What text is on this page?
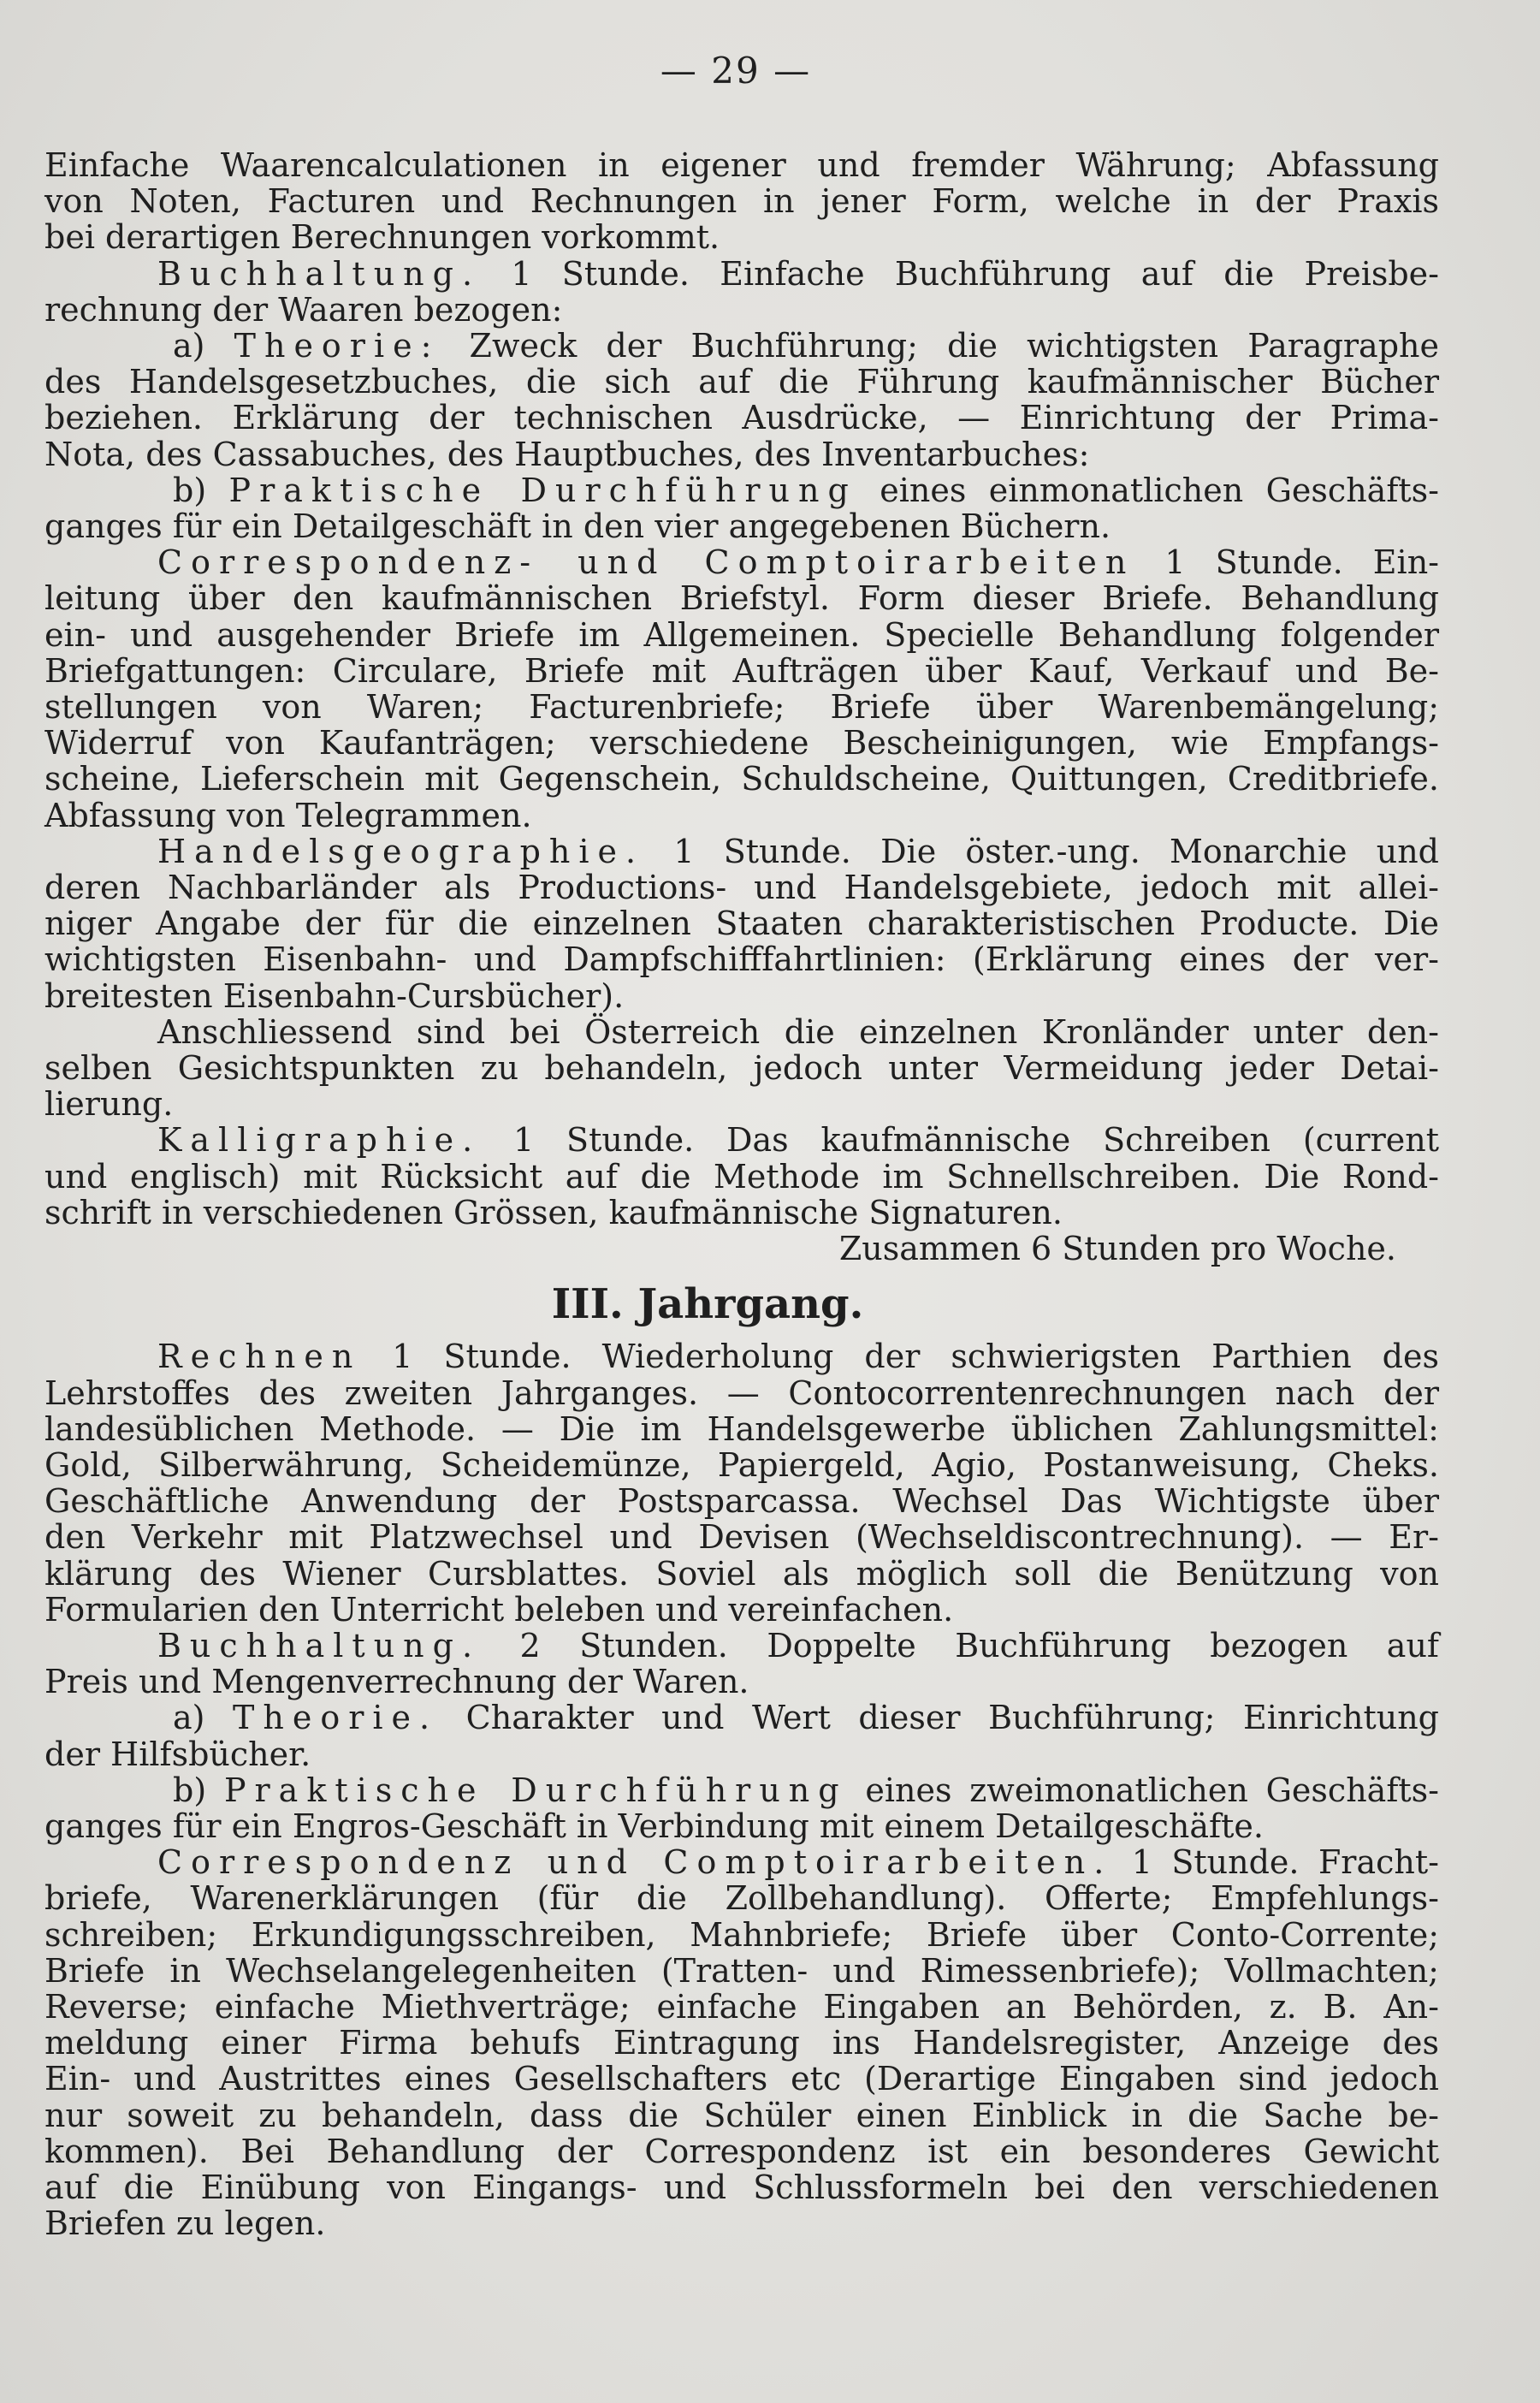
— 29 —
Einfache Waarencalculationen in eigener und fremder Währung; Abfassung
von Noten, Facturen und Rechnungen in jener Form, welche in der Praxis
bei derartigen Berechnungen vorkommt.
Buchhaltung. 1 Stunde. Einfache Buchführung auf die Preisbe-
rechnung der Waaren bezogen:
a) Theorie: Zweck der Buchführung; die wichtigsten Paragraphe
des Handelsgesetzbuches, die sich auf die Führung kaufmännischer Bücher
beziehen. Erklärung der technischen Ausdrücke, — Einrichtung der Prima-
Nota, des Cassabuches, des Hauptbuches, des Inventarbuches:
b) Praktische Durchführung eines einmonatlichen Geschäfts-
ganges für ein Detailgeschäft in den vier angegebenen Büchern.
Correspondenz- und Comptoirarbeiten 1 Stunde. Ein-
leitung über den kaufmännischen Briefstyl. Form dieser Briefe. Behandlung
ein- und ausgehender Briefe im Allgemeinen. Specielle Behandlung folgender
Briefgattungen: Circulare, Briefe mit Aufträgen über Kauf, Verkauf und Be-
stellungen von Waren; Facturenbriefe; Briefe über Warenbemängelung;
Widerruf von Kaufanträgen; verschiedene Bescheinigungen, wie Empfangs-
scheine, Lieferschein mit Gegenschein, Schuldscheine, Quittungen, Creditbriefe.
Abfassung von Telegrammen.
Handelsgeographie. 1 Stunde. Die öster.-ung. Monarchie und
deren Nachbarländer als Productions- und Handelsgebiete, jedoch mit allei-
niger Angabe der für die einzelnen Staaten charakteristischen Producte. Die
wichtigsten Eisenbahn- und Dampfschifffahrtlinien: (Erklärung eines der ver-
breitesten Eisenbahn-Cursbücher).
Anschliessend sind bei Österreich die einzelnen Kronländer unter den-
selben Gesichtspunkten zu behandeln, jedoch unter Vermeidung jeder Detai-
lierung.
Kalligraphie. 1 Stunde. Das kaufmännische Schreiben (current
und englisch) mit Rücksicht auf die Methode im Schnellschreiben. Die Rond-
schrift in verschiedenen Grössen, kaufmännische Signaturen.
Zusammen 6 Stunden pro Woche.
III. Jahrgang.
Rechnen 1 Stunde. Wiederholung der schwierigsten Parthien des
Lehrstoffes des zweiten Jahrganges. — Contocorrentenrechnungen nach der
landesüblichen Methode. — Die im Handelsgewerbe üblichen Zahlungsmittel:
Gold, Silberwährung, Scheidemünze, Papiergeld, Agio, Postanweisung, Cheks.
Geschäftliche Anwendung der Postsparcassa. Wechsel Das Wichtigste über
den Verkehr mit Platzwechsel und Devisen (Wechseldiscontrechnung). — Er-
klärung des Wiener Cursblattes. Soviel als möglich soll die Benützung von
Formularien den Unterricht beleben und vereinfachen.
Buchhaltung. 2 Stunden. Doppelte Buchführung bezogen auf
Preis und Mengenverrechnung der Waren.
a) Theorie. Charakter und Wert dieser Buchführung; Einrichtung
der Hilfsbücher.
b) Praktische Durchführung eines zweimonatlichen Geschäfts-
ganges für ein Engros-Geschäft in Verbindung mit einem Detailgeschäfte.
Correspondenz und Comptoirarbeiten. 1 Stunde. Fracht-
briefe, Warenerklärungen (für die Zollbehandlung). Offerte; Empfehlungs-
schreiben; Erkundigungsschreiben, Mahnbriefe; Briefe über Conto-Corrente;
Briefe in Wechselangelegenheiten (Tratten- und Rimessenbriefe); Vollmachten;
Reverse; einfache Miethverträge; einfache Eingaben an Behörden, z. B. An-
meldung einer Firma behufs Eintragung ins Handelsregister, Anzeige des
Ein- und Austrittes eines Gesellschafters etc (Derartige Eingaben sind jedoch
nur soweit zu behandeln, dass die Schüler einen Einblick in die Sache be-
kommen). Bei Behandlung der Correspondenz ist ein besonderes Gewicht
auf die Einübung von Eingangs- und Schlussformeln bei den verschiedenen
Briefen zu legen.
